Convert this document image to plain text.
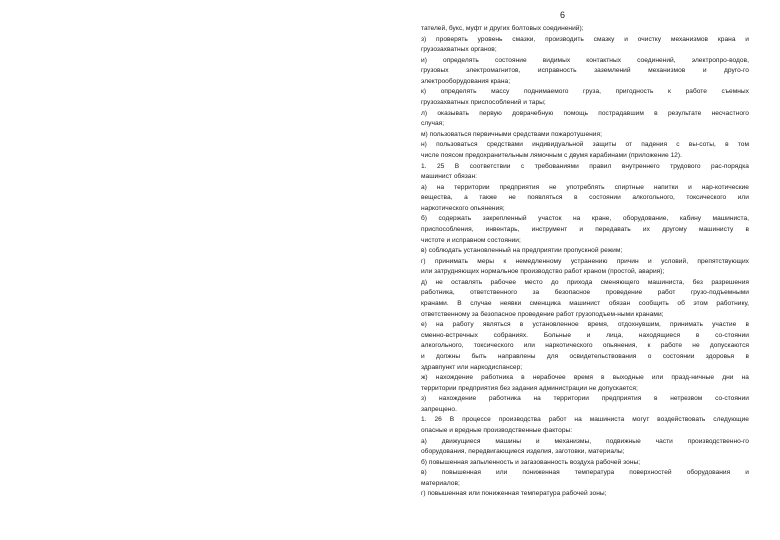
6
тателей, букс, муфт и других болтовых соединений);
з) проверять уровень смазки, производить смазку и очистку механизмов крана и
грузозахватных органов;
и) определять состояние видимых контактных соединений, электропро-водов,
грузовых электромагнитов, исправность заземлений механизмов и друго-го
электрооборудования крана;
к) определять массу поднимаемого груза, пригодность к работе съемных
грузозахватных приспособлений и тары;
л) оказывать первую доврачебную помощь пострадавшим в результате несчастного
случая;
м) пользоваться первичными средствами пожаротушения;
н) пользоваться средствами индивидуальной защиты от падения с вы-соты, в том
числе поясом предохранительным лямочным с двумя карабинами (приложение 12).
1. 25 В соответствии с требованиями правил внутреннего трудового рас-порядка
машинист обязан:
а) на территории предприятия не употреблять спиртные напитки и нар-котические
вещества, а также не появляться в состоянии алкогольного, токсического или
наркотического опьянения;
б) содержать закрепленный участок на кране, оборудование, кабину машиниста,
приспособления, инвентарь, инструмент и передавать их другому машинисту в
чистоте и исправном состоянии;
в) соблюдать установленный на предприятии пропускной режим;
г) принимать меры к немедленному устранению причин и условий, препятствующих
или затрудняющих нормальное производство работ краном (простой, авария);
д) не оставлять рабочее место до прихода сменяющего машиниста, без разрешения
работника, ответственного за безопасное проведение работ грузо-подъемными
кранами. В случае неявки сменщика машинист обязан сообщить об этом работнику,
ответственному за безопасное проведение работ грузоподъем-ными кранами;
е) на работу являться в установленное время, отдохнувшим, принимать участие в
сменно-встречных собраниях. Больные и лица, находящиеся в со-стоянии
алкогольного, токсического или наркотического опьянения, к работе не допускаются
и должны быть направлены для освидетельствования о состоянии здоровья в
здравпункт или наркодиспансер;
ж) нахождение работника в нерабочее время в выходные или празд-ничные дни на
территории предприятия без задания администрации не допускается;
з) нахождение работника на территории предприятия в нетрезвом со-стоянии
запрещено.
1. 26 В процессе производства работ на машиниста могут воздействовать следующие
опасные и вредные производственные факторы:
а) движущиеся машины и механизмы, подвижные части производственно-го
оборудования, передвигающиеся изделия, заготовки, материалы;
б) повышенная запыленность и загазованность воздуха рабочей зоны;
в) повышенная или пониженная температура поверхностей оборудования и
материалов;
г) повышенная или пониженная температура рабочей зоны;
